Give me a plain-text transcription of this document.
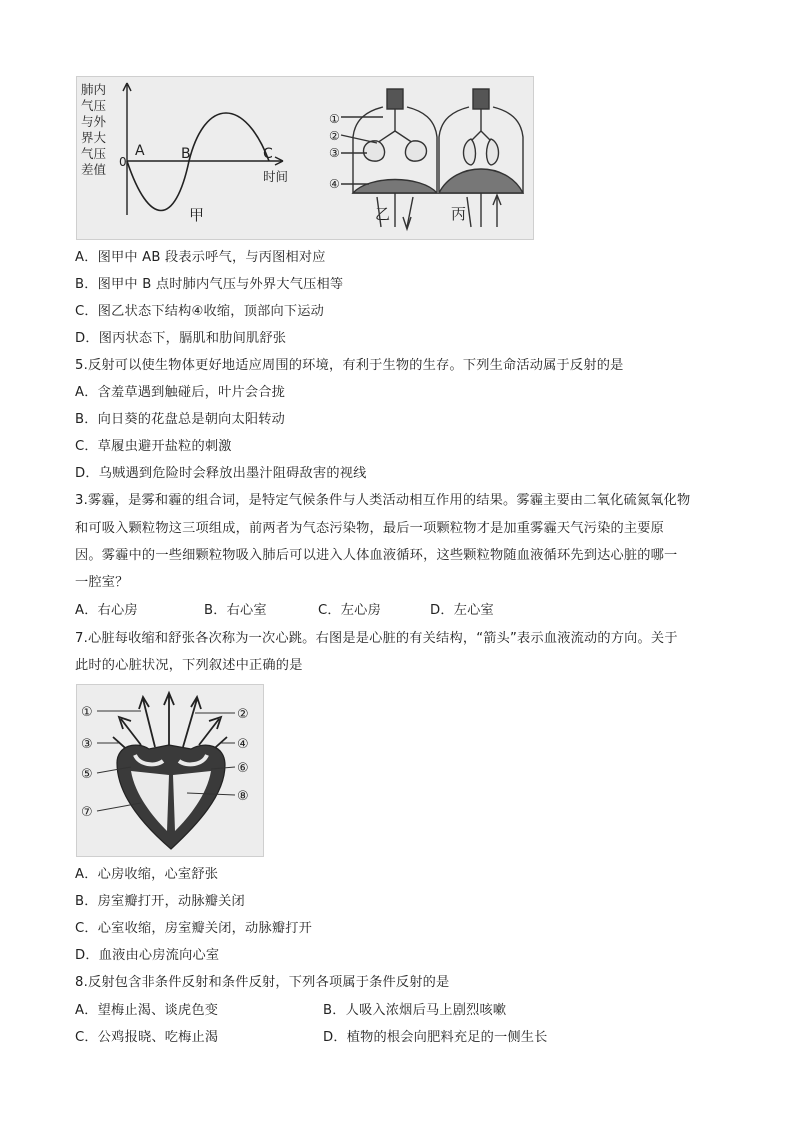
肺内
气压
与外
界大
气压
差值 0
A	B	C
时间
甲	乙	丙
①
②
③
④
A．图甲中 AB 段表示呼气，与丙图相对应
B．图甲中 B 点时肺内气压与外界大气压相等
C．图乙状态下结构④收缩，顶部向下运动
D．图丙状态下，膈肌和肋间肌舒张
5.反射可以使生物体更好地适应周围的环境，有利于生物的生存。下列生命活动属于反射的是
A．含羞草遇到触碰后，叶片会合拢
B．向日葵的花盘总是朝向太阳转动
C．草履虫避开盐粒的刺激
D．乌贼遇到危险时会释放出墨汁阻碍敌害的视线
3.雾霾，是雾和霾的组合词，是特定气候条件与人类活动相互作用的结果。雾霾主要由二氧化硫氮氧化物
和可吸入颗粒物这三项组成，前两者为气态污染物，最后一项颗粒物才是加重雾霾天气污染的主要原
因。雾霾中的一些细颗粒物吸入肺后可以进入人体血液循环，这些颗粒物随血液循环先到达心脏的哪一
一腔室？
A．右心房	B．右心室	C．左心房	D．左心室
7.心脏每收缩和舒张各次称为一次心跳。右图是是心脏的有关结构，“箭头”表示血液流动的方向。关于
此时的心脏状况，下列叙述中正确的是
①	②
③	④
⑤	⑥
⑦
⑧
A．心房收缩，心室舒张
B．房室瓣打开，动脉瓣关闭
C．心室收缩，房室瓣关闭，动脉瓣打开
D．血液由心房流向心室
8.反射包含非条件反射和条件反射，下列各项属于条件反射的是
A．望梅止渴、谈虎色变	B．人吸入浓烟后马上剧烈咳嗽
C．公鸡报晓、吃梅止渴	D．植物的根会向肥料充足的一侧生长
